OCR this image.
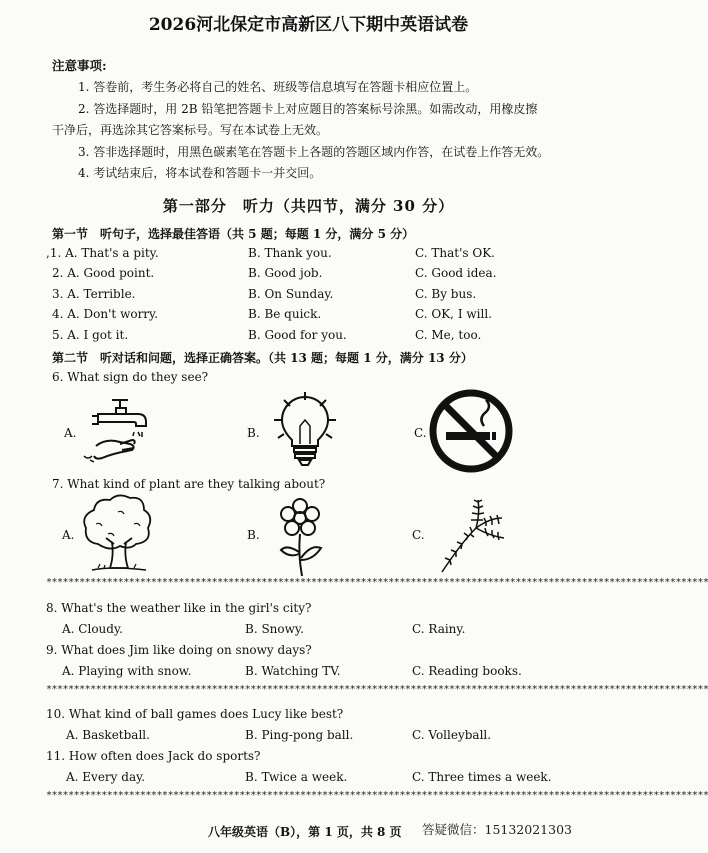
2026河北保定市高新区八下期中英语试卷
注意事项:
1. 答卷前，考生务必将自己的姓名、班级等信息填写在答题卡相应位置上。
2. 答选择题时，用 2B 铅笔把答题卡上对应题目的答案标号涂黑。如需改动，用橡皮擦
干净后，再选涂其它答案标号。写在本试卷上无效。
3. 答非选择题时，用黑色碳素笔在答题卡上各题的答题区域内作答，在试卷上作答无效。
4. 考试结束后，将本试卷和答题卡一并交回。
第一部分　听力（共四节，满分 30 分）
第一节　听句子，选择最佳答语（共 5 题；每题 1 分，满分 5 分）
,1. A. That's a pity.	B. Thank you.	C. That's OK.
2. A. Good point.	B. Good job.	C. Good idea.
3. A. Terrible.	B. On Sunday.	C. By bus.
4. A. Don't worry.	B. Be quick.	C. OK, I will.
5. A. I got it.	B. Good for you.	C. Me, too.
第二节　听对话和问题，选择正确答案。（共 13 题；每题 1 分，满分 13 分）
6. What sign do they see?
A.	B.	C.
7. What kind of plant are they talking about?
A.	B.	C.
************************************************************************************************************************
8. What's the weather like in the girl's city?
A. Cloudy.	B. Snowy.	C. Rainy.
9. What does Jim like doing on snowy days?
A. Playing with snow.	B. Watching TV.	C. Reading books.
************************************************************************************************************************
10. What kind of ball games does Lucy like best?
A. Basketball.	B. Ping-pong ball.	C. Volleyball.
11. How often does Jack do sports?
A. Every day.	B. Twice a week.	C. Three times a week.
************************************************************************************************************************
八年级英语（B），第 1 页，共 8 页 答疑微信：15132021303
